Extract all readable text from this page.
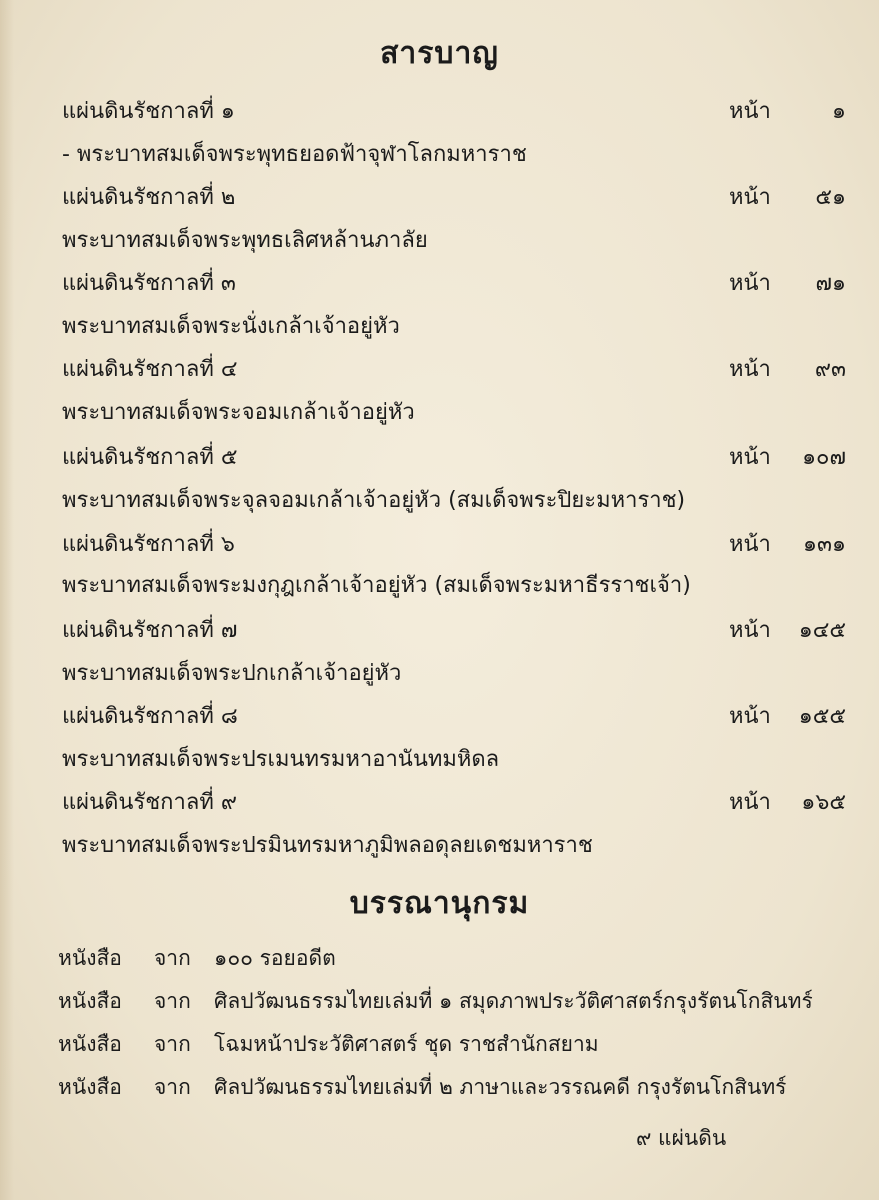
สารบาญ
แผ่นดินรัชกาลที่ ๑	หน้า	๑
- พระบาทสมเด็จพระพุทธยอดฟ้าจุฬาโลกมหาราช
แผ่นดินรัชกาลที่ ๒	หน้า ๕๑
พระบาทสมเด็จพระพุทธเลิศหล้านภาลัย
แผ่นดินรัชกาลที่ ๓	หน้า ๗๑
พระบาทสมเด็จพระนั่งเกล้าเจ้าอยู่หัว
แผ่นดินรัชกาลที่ ๔	หน้า ๙๓
พระบาทสมเด็จพระจอมเกล้าเจ้าอยู่หัว
แผ่นดินรัชกาลที่ ๕	หน้า ๑๐๗
พระบาทสมเด็จพระจุลจอมเกล้าเจ้าอยู่หัว (สมเด็จพระปิยะมหาราช)
แผ่นดินรัชกาลที่ ๖	หน้า ๑๓๑
พระบาทสมเด็จพระมงกุฎเกล้าเจ้าอยู่หัว (สมเด็จพระมหาธีรราชเจ้า)
แผ่นดินรัชกาลที่ ๗	หน้า ๑๔๕
พระบาทสมเด็จพระปกเกล้าเจ้าอยู่หัว
แผ่นดินรัชกาลที่ ๘	หน้า ๑๕๕
พระบาทสมเด็จพระปรเมนทรมหาอานันทมหิดล
แผ่นดินรัชกาลที่ ๙	หน้า ๑๖๕
พระบาทสมเด็จพระปรมินทรมหาภูมิพลอดุลยเดชมหาราช
บรรณานุกรม
หนังสือ จาก ๑๐๐ รอยอดีต
หนังสือ จาก ศิลปวัฒนธรรมไทยเล่มที่ ๑ สมุดภาพประวัติศาสตร์กรุงรัตนโกสินทร์
หนังสือ จาก โฉมหน้าประวัติศาสตร์ ชุด ราชสำนักสยาม
หนังสือ จาก ศิลปวัฒนธรรมไทยเล่มที่ ๒ ภาษาและวรรณคดี กรุงรัตนโกสินทร์
๙ แผ่นดิน
